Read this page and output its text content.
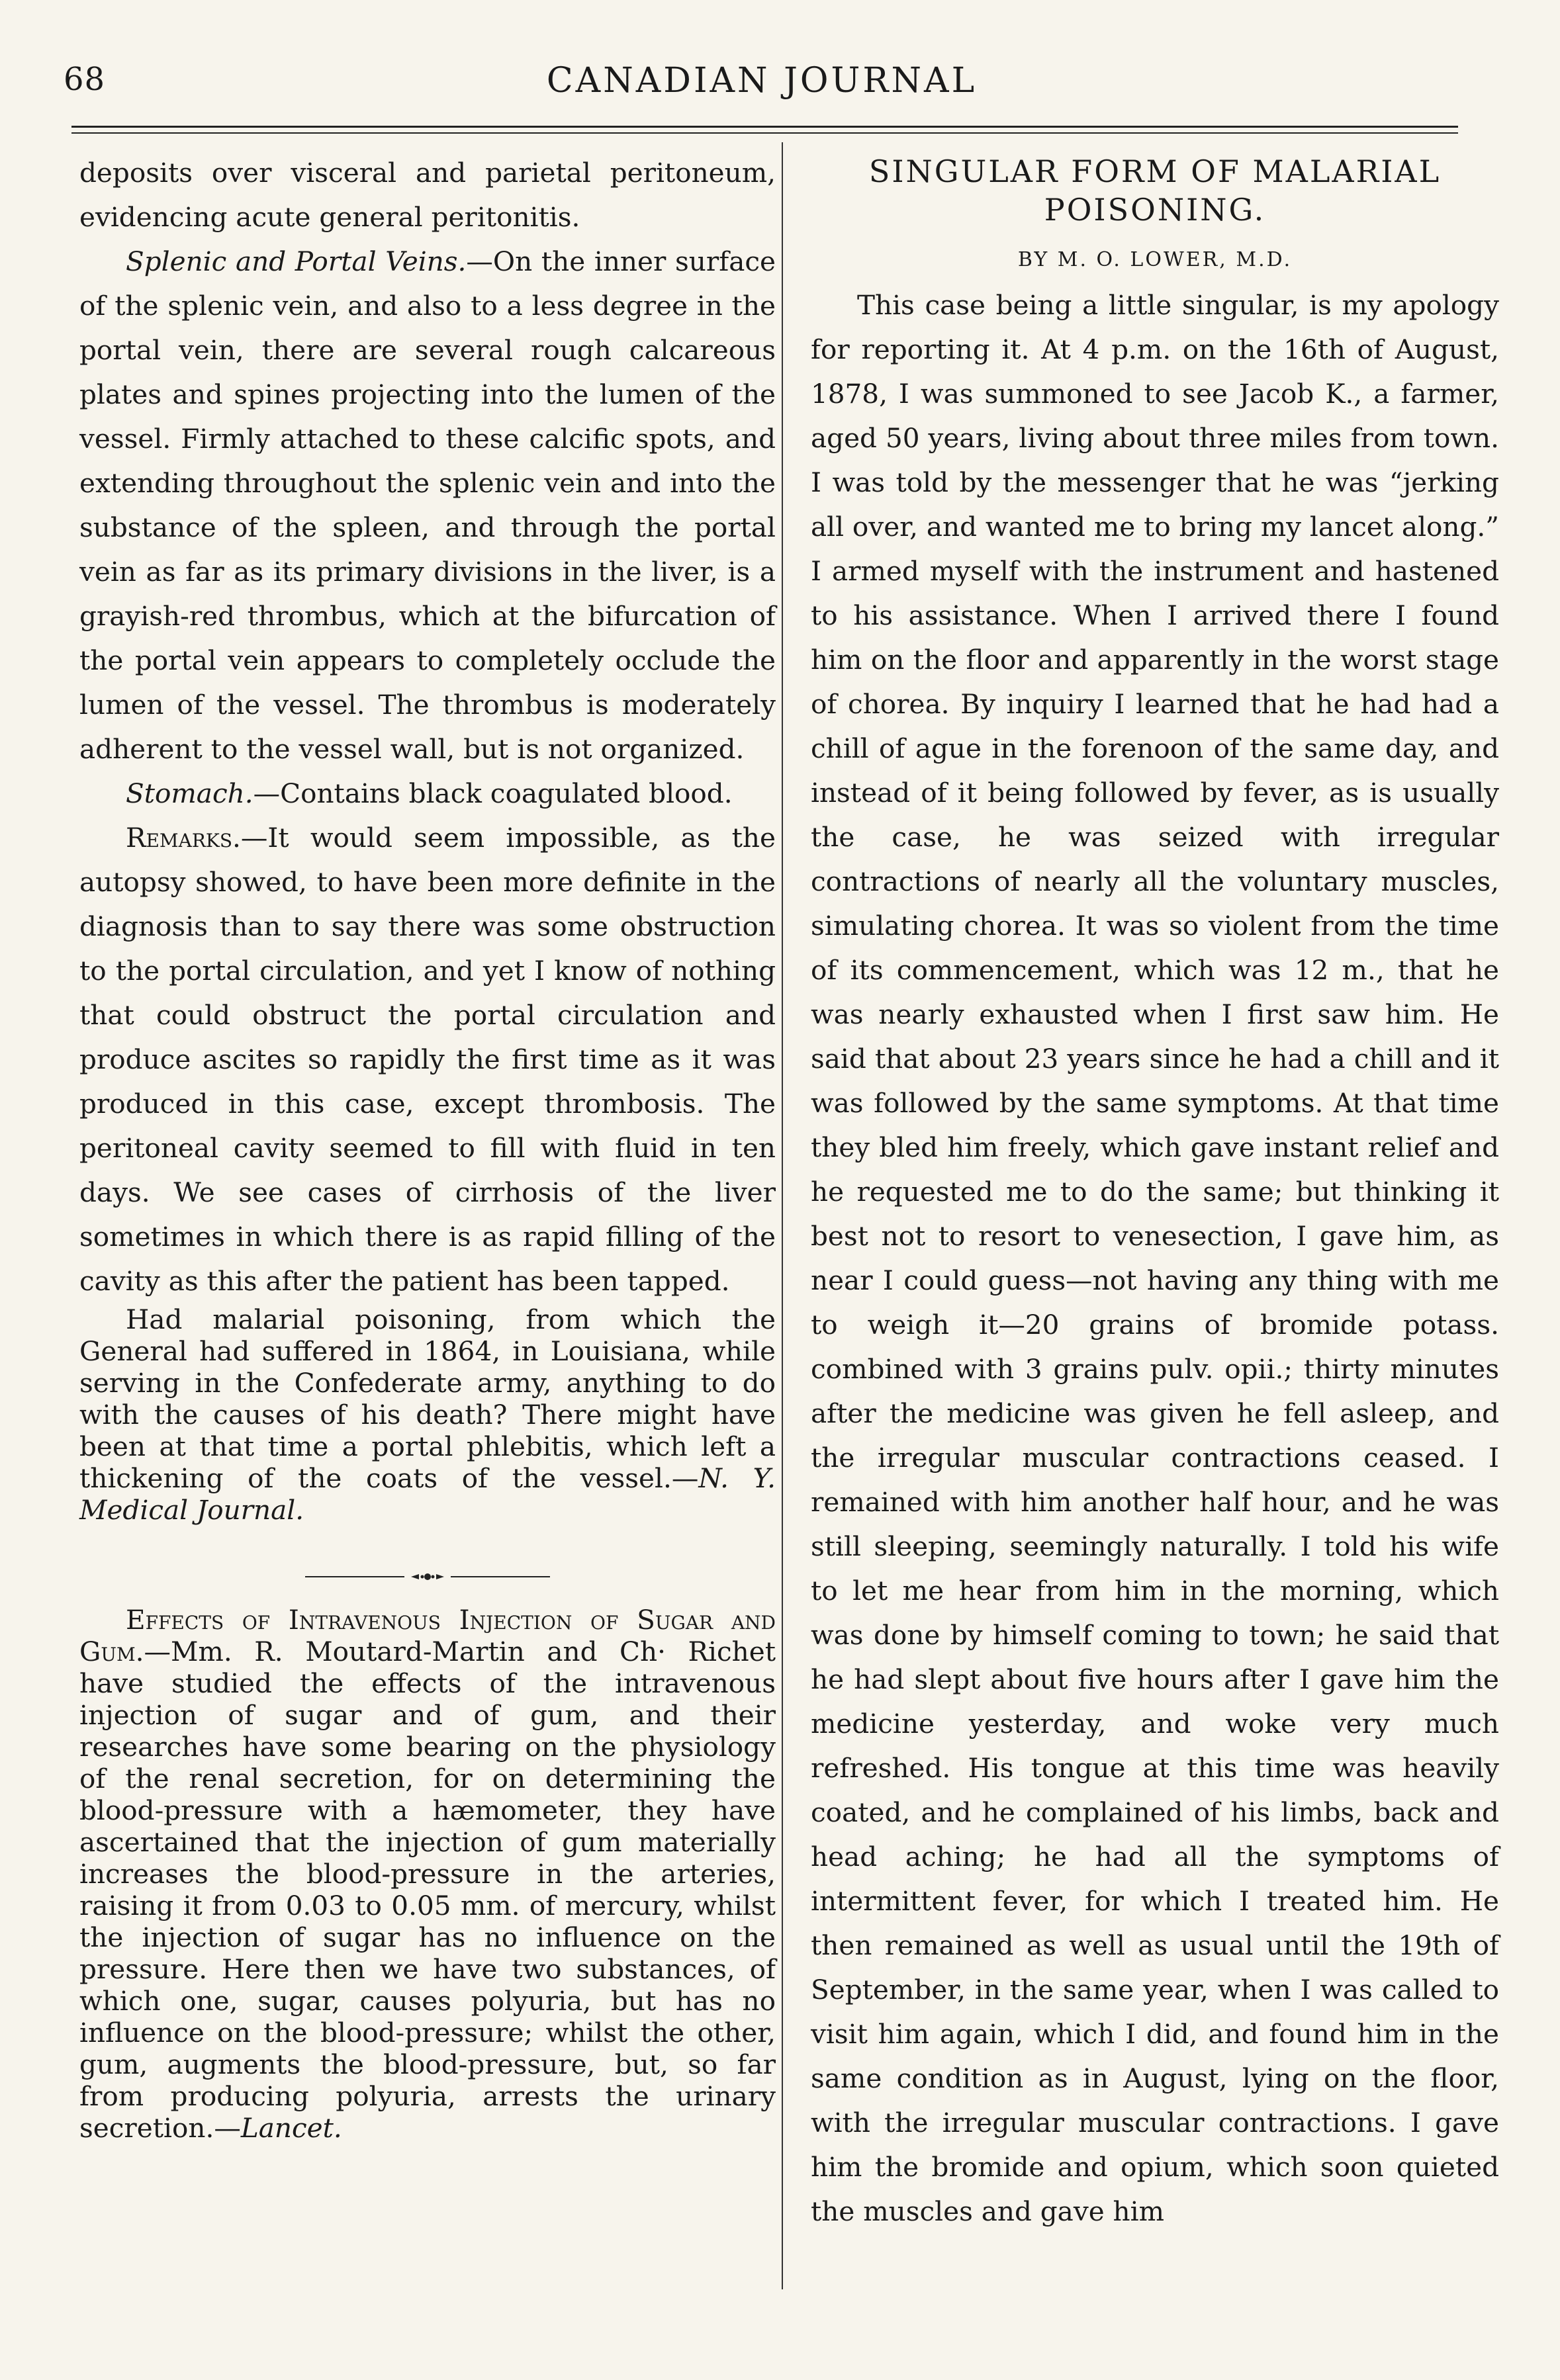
68	CANADIAN JOURNAL

deposits over visceral and parietal peritoneum, evidencing acute general peritonitis.

Splenic and Portal Veins.—On the inner surface of the splenic vein, and also to a less degree in the portal vein, there are several rough calcareous plates and spines projecting into the lumen of the vessel. Firmly attached to these calcific spots, and extending throughout the splenic vein and into the substance of the spleen, and through the portal vein as far as its primary divisions in the liver, is a grayish-red thrombus, which at the bifurcation of the portal vein appears to completely occlude the lumen of the vessel. The thrombus is moderately adherent to the vessel wall, but is not organized.

Stomach.—Contains black coagulated blood.

Remarks.—It would seem impossible, as the autopsy showed, to have been more definite in the diagnosis than to say there was some obstruction to the portal circulation, and yet I know of nothing that could obstruct the portal circulation and produce ascites so rapidly the first time as it was produced in this case, except thrombosis. The peritoneal cavity seemed to fill with fluid in ten days. We see cases of cirrhosis of the liver sometimes in which there is as rapid filling of the cavity as this after the patient has been tapped.

Had malarial poisoning, from which the General had suffered in 1864, in Louisiana, while serving in the Confederate army, anything to do with the causes of his death? There might have been at that time a portal phlebitis, which left a thickening of the coats of the vessel.—N. Y. Medical Journal.

Effects of Intravenous Injection of Sugar and Gum.—Mm. R. Moutard-Martin and Ch· Richet have studied the effects of the intravenous injection of sugar and of gum, and their researches have some bearing on the physiology of the renal secretion, for on determining the blood-pressure with a hæmometer, they have ascertained that the injection of gum materially increases the blood-pressure in the arteries, raising it from 0.03 to 0.05 mm. of mercury, whilst the injection of sugar has no influence on the pressure. Here then we have two substances, of which one, sugar, causes polyuria, but has no influence on the blood-pressure; whilst the other, gum, augments the blood-pressure, but, so far from producing polyuria, arrests the urinary secretion.—Lancet.

SINGULAR FORM OF MALARIAL POISONING.
BY M. O. LOWER, M.D.

This case being a little singular, is my apology for reporting it. At 4 p.m. on the 16th of August, 1878, I was summoned to see Jacob K., a farmer, aged 50 years, living about three miles from town. I was told by the messenger that he was “jerking all over, and wanted me to bring my lancet along.” I armed myself with the instrument and hastened to his assistance. When I arrived there I found him on the floor and apparently in the worst stage of chorea. By inquiry I learned that he had had a chill of ague in the forenoon of the same day, and instead of it being followed by fever, as is usually the case, he was seized with irregular contractions of nearly all the voluntary muscles, simulating chorea. It was so violent from the time of its commencement, which was 12 m., that he was nearly exhausted when I first saw him. He said that about 23 years since he had a chill and it was followed by the same symptoms. At that time they bled him freely, which gave instant relief and he requested me to do the same; but thinking it best not to resort to venesection, I gave him, as near I could guess—not having any thing with me to weigh it—20 grains of bromide potass. combined with 3 grains pulv. opii.; thirty minutes after the medicine was given he fell asleep, and the irregular muscular contractions ceased. I remained with him another half hour, and he was still sleeping, seemingly naturally. I told his wife to let me hear from him in the morning, which was done by himself coming to town; he said that he had slept about five hours after I gave him the medicine yesterday, and woke very much refreshed. His tongue at this time was heavily coated, and he complained of his limbs, back and head aching; he had all the symptoms of intermittent fever, for which I treated him. He then remained as well as usual until the 19th of September, in the same year, when I was called to visit him again, which I did, and found him in the same condition as in August, lying on the floor, with the irregular muscular contractions. I gave him the bromide and opium, which soon quieted the muscles and gave him
